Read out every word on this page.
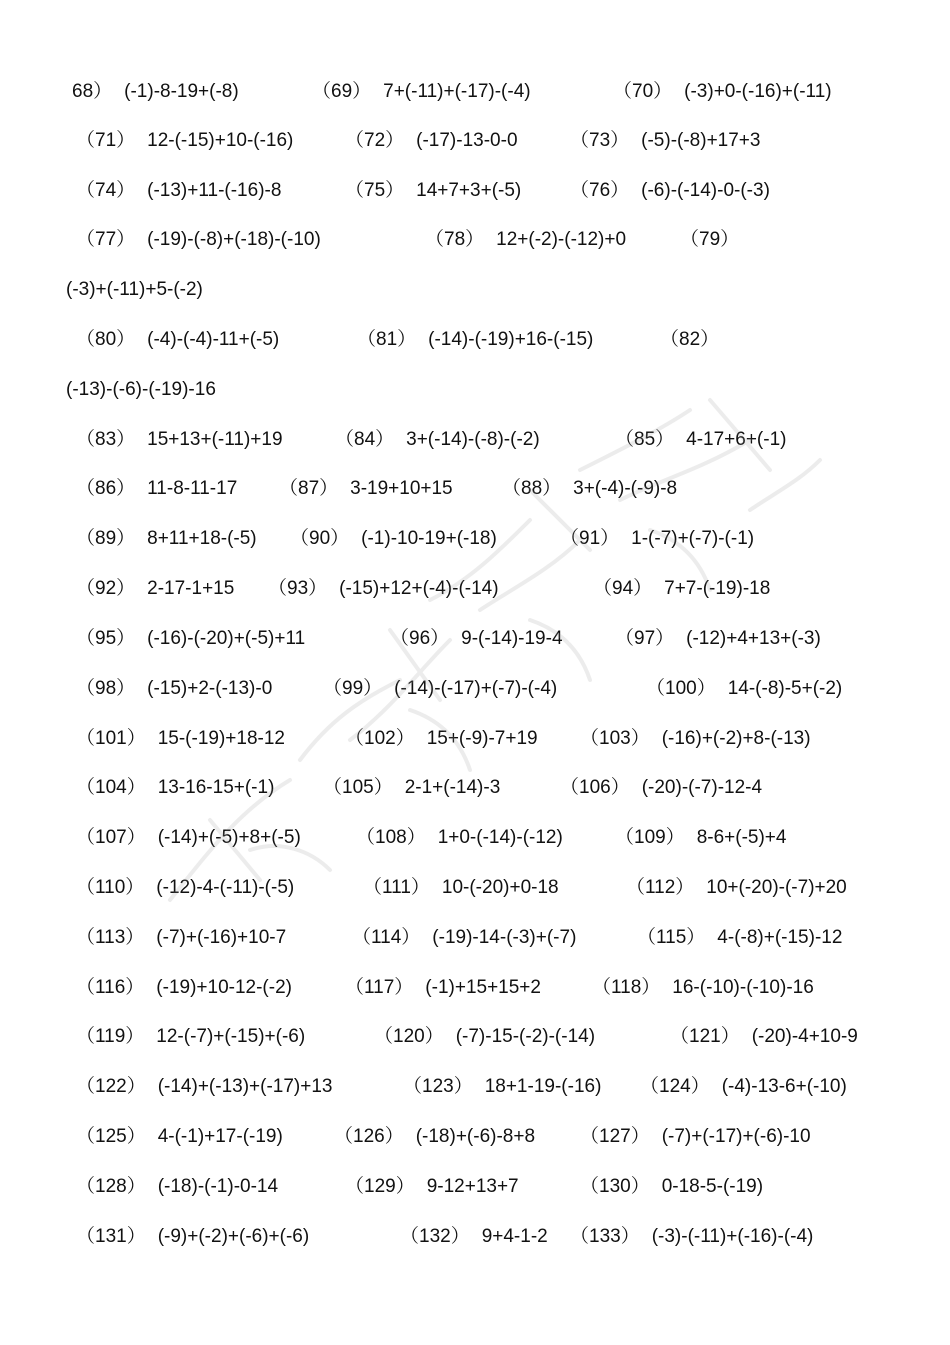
68） (-1)-8-19+(-8)	（69） 7+(-11)+(-17)-(-4)	（70） (-3)+0-(-16)+(-11)
（71） 12-(-15)+10-(-16)	（72） (-17)-13-0-0	（73） (-5)-(-8)+17+3
（74） (-13)+11-(-16)-8	（75） 14+7+3+(-5)	（76） (-6)-(-14)-0-(-3)
（77） (-19)-(-8)+(-18)-(-10)	（78） 12+(-2)-(-12)+0	（79）
(-3)+(-11)+5-(-2)
（80） (-4)-(-4)-11+(-5)	（81） (-14)-(-19)+16-(-15)	（82）
(-13)-(-6)-(-19)-16
（83） 15+13+(-11)+19	（84） 3+(-14)-(-8)-(-2)	（85） 4-17+6+(-1)
（86） 11-8-11-17 （87） 3-19+10+15	（88） 3+(-4)-(-9)-8
（89） 8+11+18-(-5) （90） (-1)-10-19+(-18)	（91） 1-(-7)+(-7)-(-1)
（92） 2-17-1+15 （93） (-15)+12+(-4)-(-14)	（94） 7+7-(-19)-18
（95） (-16)-(-20)+(-5)+11	（96） 9-(-14)-19-4	（97） (-12)+4+13+(-3)
（98） (-15)+2-(-13)-0	（99） (-14)-(-17)+(-7)-(-4)	（100） 14-(-8)-5+(-2)
（101） 15-(-19)+18-12	（102） 15+(-9)-7+19 （103） (-16)+(-2)+8-(-13)
（104） 13-16-15+(-1)	（105） 2-1+(-14)-3	（106） (-20)-(-7)-12-4
（107） (-14)+(-5)+8+(-5)	（108） 1+0-(-14)-(-12)	（109） 8-6+(-5)+4
（110） (-12)-4-(-11)-(-5)	（111） 10-(-20)+0-18	（112） 10+(-20)-(-7)+20
（113） (-7)+(-16)+10-7	（114） (-19)-14-(-3)+(-7)	（115） 4-(-8)+(-15)-12
（116） (-19)+10-12-(-2)	（117） (-1)+15+15+2	（118） 16-(-10)-(-10)-16
（119） 12-(-7)+(-15)+(-6)	（120） (-7)-15-(-2)-(-14)	（121） (-20)-4+10-9
（122） (-14)+(-13)+(-17)+13	（123） 18+1-19-(-16) （124） (-4)-13-6+(-10)
（125） 4-(-1)+17-(-19)	（126） (-18)+(-6)-8+8 （127） (-7)+(-17)+(-6)-10
（128） (-18)-(-1)-0-14	（129） 9-12+13+7	（130） 0-18-5-(-19)
（131） (-9)+(-2)+(-6)+(-6)	（132） 9+4-1-2 （133） (-3)-(-11)+(-16)-(-4)
